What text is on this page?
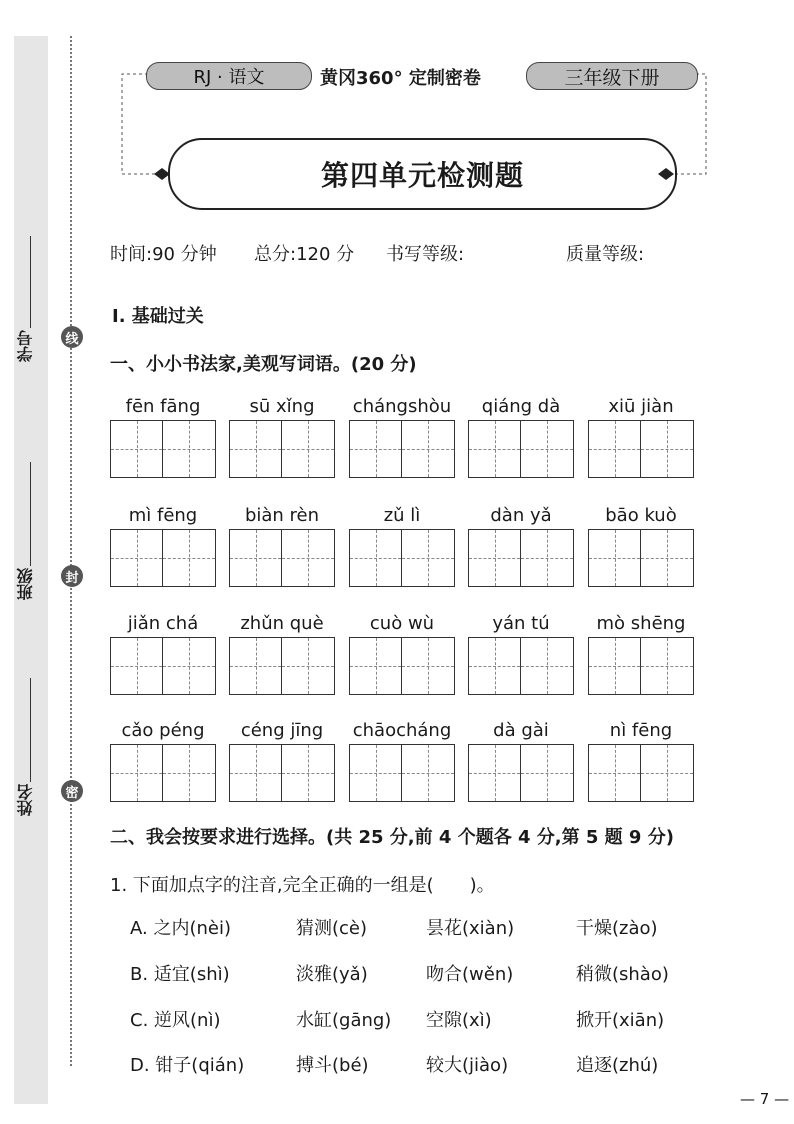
学号
班级
姓名
线
封
密
RJ · 语文	黄冈360° 定制密卷	三年级下册
第四单元检测题
时间:90 分钟 总分:120 分 书写等级:	质量等级:
Ⅰ. 基础过关
一、小小书法家,美观写词语。(20 分)
fēn fāng	sū xǐng	chángshòu	qiáng dà	xiū jiàn
mì fēng	biàn rèn	zǔ lì	dàn yǎ	bāo kuò
jiǎn chá	zhǔn què	cuò wù	yán tú	mò shēng
cǎo péng	céng jīng	chāocháng	dà gài	nì fēng
二、我会按要求进行选择。(共 25 分,前 4 个题各 4 分,第 5 题 9 分)
1. 下面加点字的注音,完全正确的一组是(　　)。
A. 之内(nèi)	猜测(cè)	昙花(xiàn)	干燥(zào)
B. 适宜(shì)	淡雅(yǎ)	吻合(wěn)	稍微(shào)
C. 逆风(nì)	水缸(gāng) 空隙(xì)	掀开(xiān)
D. 钳子(qián)	搏斗(bé)	较大(jiào)	追逐(zhú)
— 7 —
